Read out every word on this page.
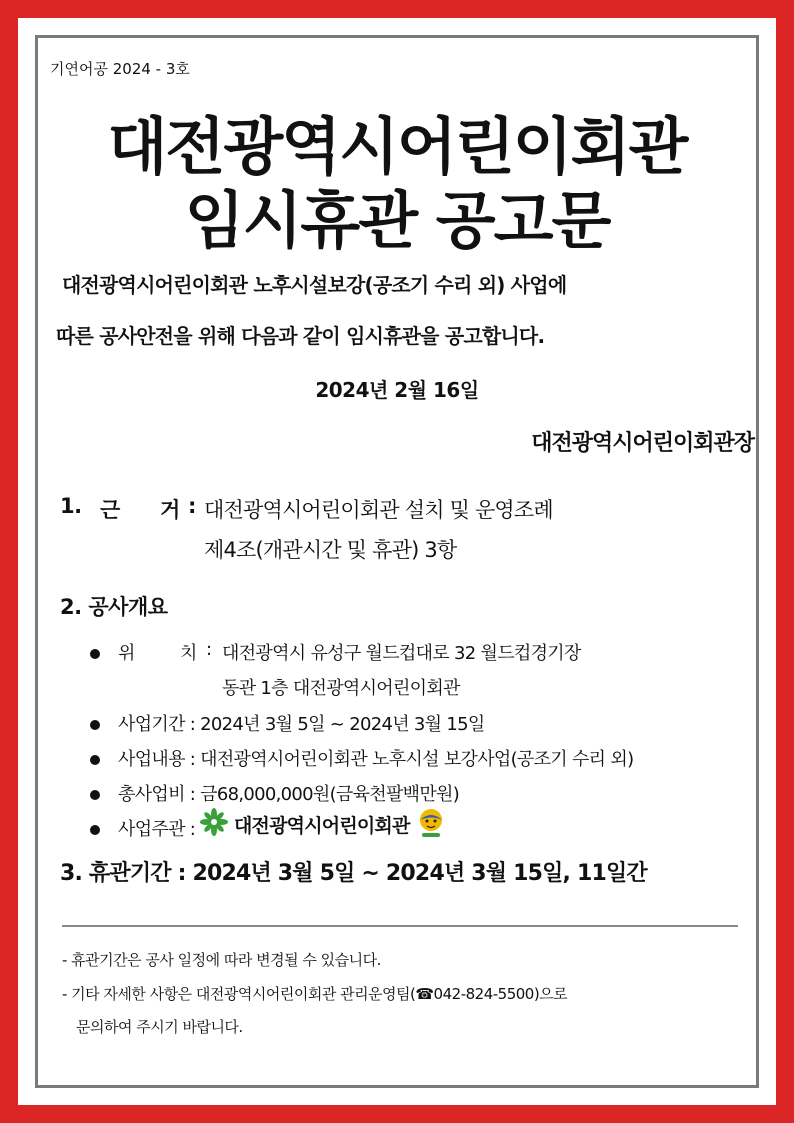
기연어공 2024 - 3호
대전광역시어린이회관
임시휴관 공고문
대전광역시어린이회관 노후시설보강(공조기 수리 외) 사업에
따른 공사안전을 위해 다음과 같이 임시휴관을 공고합니다.
2024년 2월 16일
대전광역시어린이회관장
1. 근 거 : 대전광역시어린이회관 설치 및 운영조례
제4조(개관시간 및 휴관) 3항
2. 공사개요
위 치 : 대전광역시 유성구 월드컵대로 32 월드컵경기장
동관 1층 대전광역시어린이회관
사업기간 : 2024년 3월 5일 ~ 2024년 3월 15일
사업내용 : 대전광역시어린이회관 노후시설 보강사업(공조기 수리 외)
총사업비 : 금68,000,000원(금육천팔백만원)
사업주관 : 대전광역시어린이회관
3. 휴관기간 : 2024년 3월 5일 ~ 2024년 3월 15일, 11일간
- 휴관기간은 공사 일정에 따라 변경될 수 있습니다.
- 기타 자세한 사항은 대전광역시어린이회관 관리운영팀(☎042-824-5500)으로
문의하여 주시기 바랍니다.
